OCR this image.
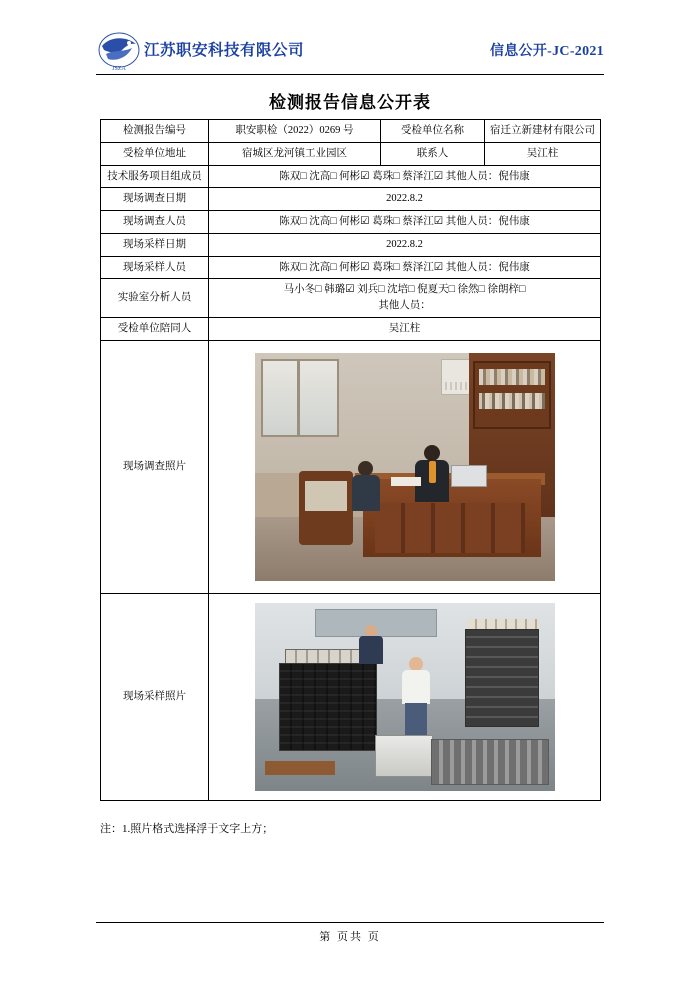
JSZA
江苏职安科技有限公司	信息公开-JC-2021
检测报告信息公开表
检测报告编号	职安职检（2022）0269 号	受检单位名称	宿迁立新建材有限公司
受检单位地址	宿城区龙河镇工业园区	联系人	吴江柱
技术服务项目组成员	陈双□ 沈高□ 何彬☑ 葛珠□ 蔡泽江☑ 其他人员：倪伟康		
现场调查日期	2022.8.2		
现场调查人员	陈双□ 沈高□ 何彬☑ 葛珠□ 蔡泽江☑ 其他人员：倪伟康		
现场采样日期	2022.8.2		
现场采样人员	陈双□ 沈高□ 何彬☑ 葛珠□ 蔡泽江☑ 其他人员：倪伟康		
实验室分析人员	马小冬□ 韩璐☑ 刘兵□ 沈培□ 倪夏天□ 徐然□ 徐朗梓□
其他人员：		

受检单位陪同人	吴江柱		
现场调查照片			

现场采样照片			
注：1.照片格式选择浮于文字上方；
第 页共 页
